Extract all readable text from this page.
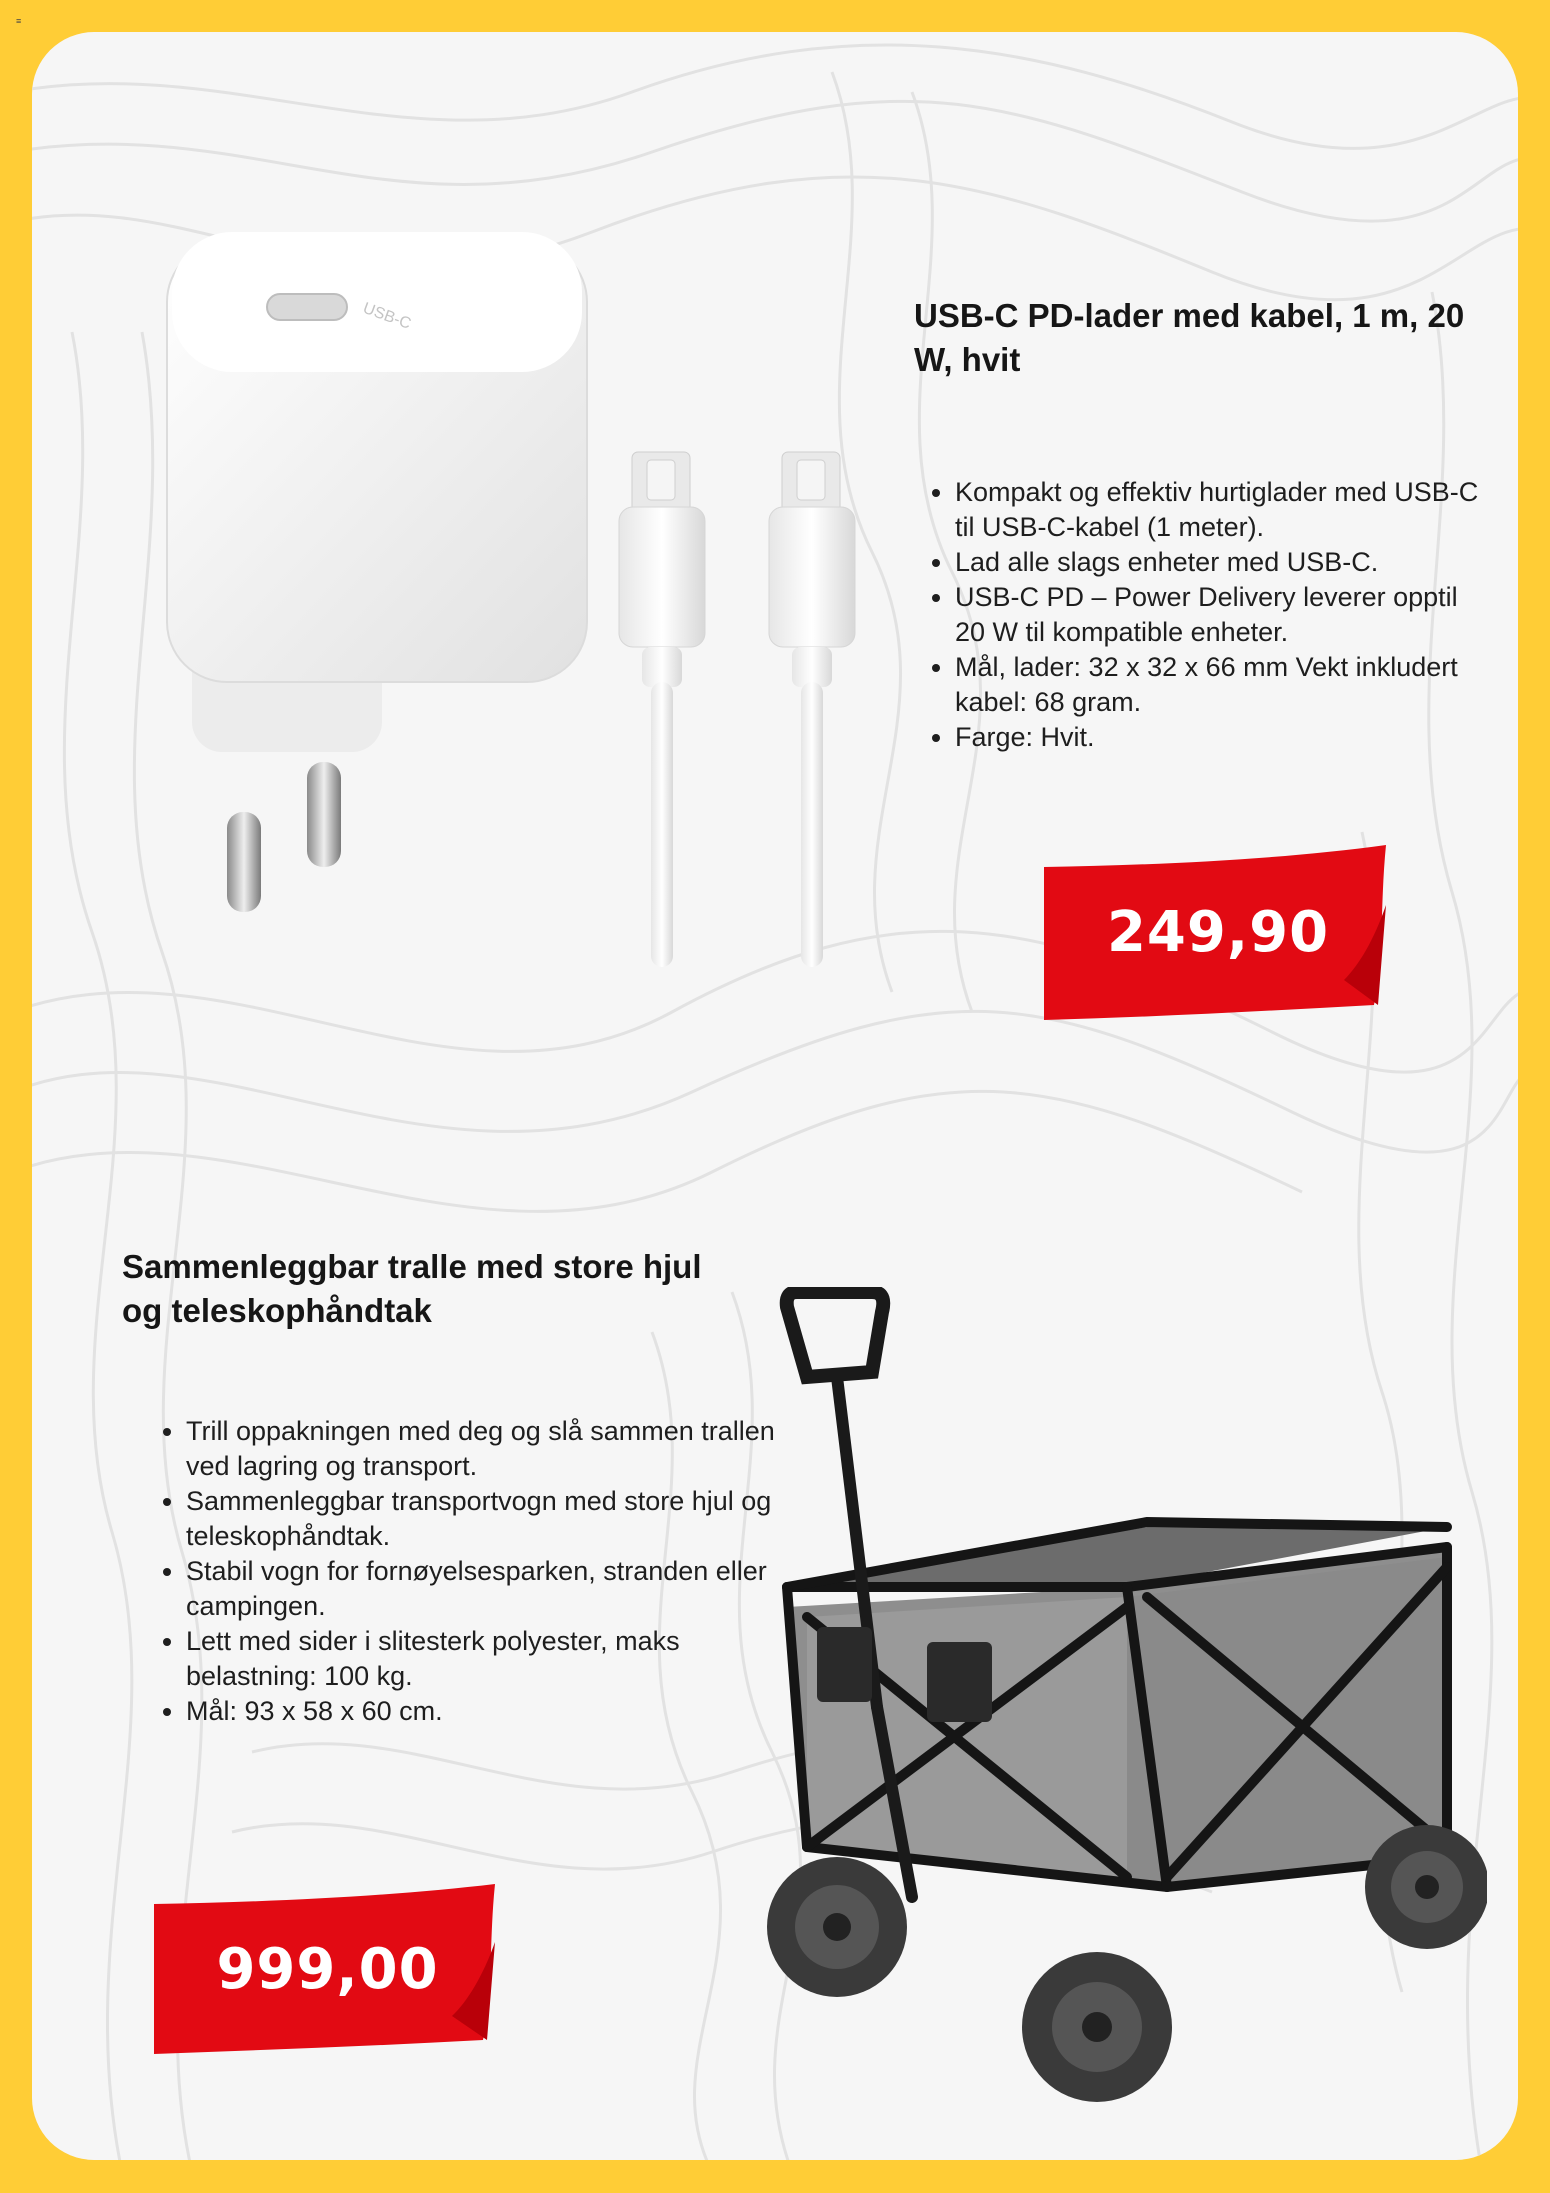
≡
USB-C	USB-C PD-lader med kabel, 1 m, 20 W, hvit
• Kompakt og effektiv hurtiglader med USB-C til USB-C-kabel (1 meter).
• Lad alle slags enheter med USB-C.
• USB-C PD – Power Delivery leverer opptil 20 W til kompatible enheter.
• Mål, lader: 32 x 32 x 66 mm Vekt inkludert kabel: 68 gram.
• Farge: Hvit.
249,90
Sammenleggbar tralle med store hjul og teleskophåndtak
• Trill oppakningen med deg og slå sammen trallen ved lagring og transport.
• Sammenleggbar transportvogn med store hjul og teleskophåndtak.
• Stabil vogn for fornøyelsesparken, stranden eller campingen.
• Lett med sider i slitesterk polyester, maks belastning: 100 kg.
• Mål: 93 x 58 x 60 cm.
999,00
